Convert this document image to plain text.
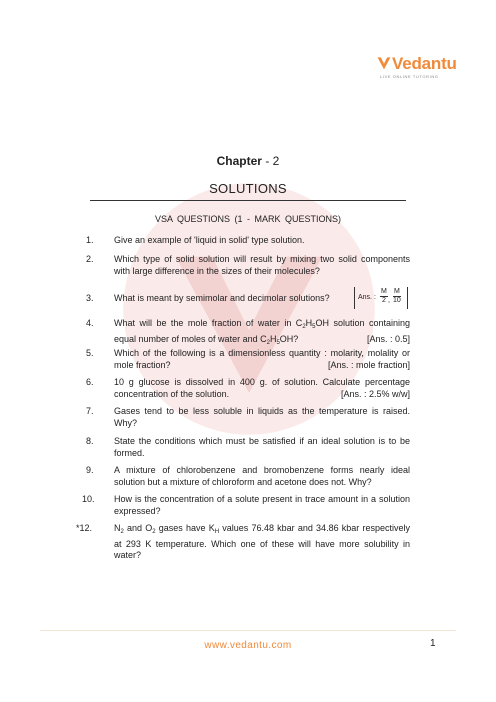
Vedantu
LIVE ONLINE TUTORING
Chapter - 2
SOLUTIONS
VSA QUESTIONS (1 - MARK QUESTIONS)
1.	Give an example of 'liquid in solid' type solution.
2.	Which type of solid solution will result by mixing two solid components with large difference in the sizes of their molecules?
3.	What is meant by semimolar and decimolar solutions?	Ans. : $\frac{M}{2}$ , $\frac{M}{10}$
4.	What will be the mole fraction of water in $C_2H_5OH$ solution containing equal number of moles of water and $C_2H_5OH$?	[Ans. : 0.5]
5.	Which of the following is a dimensionless quantity : molarity, molality or mole fraction?	[Ans. : mole fraction]
6.	10 g glucose is dissolved in 400 g. of solution. Calculate percentage concentration of the solution.	[Ans. : 2.5% w/w]
7.	Gases tend to be less soluble in liquids as the temperature is raised. Why?
8.	State the conditions which must be satisfied if an ideal solution is to be formed.
9.	A mixture of chlorobenzene and bromobenzene forms nearly ideal solution but a mixture of chloroform and acetone does not. Why?
10.	How is the concentration of a solute present in trace amount in a solution expressed?
*12.	$N_2$ and $O_2$ gases have $K_H$ values 76.48 kbar and 34.86 kbar respectively at 293 K temperature. Which one of these will have more solubility in water?
www.vedantu.com	1
